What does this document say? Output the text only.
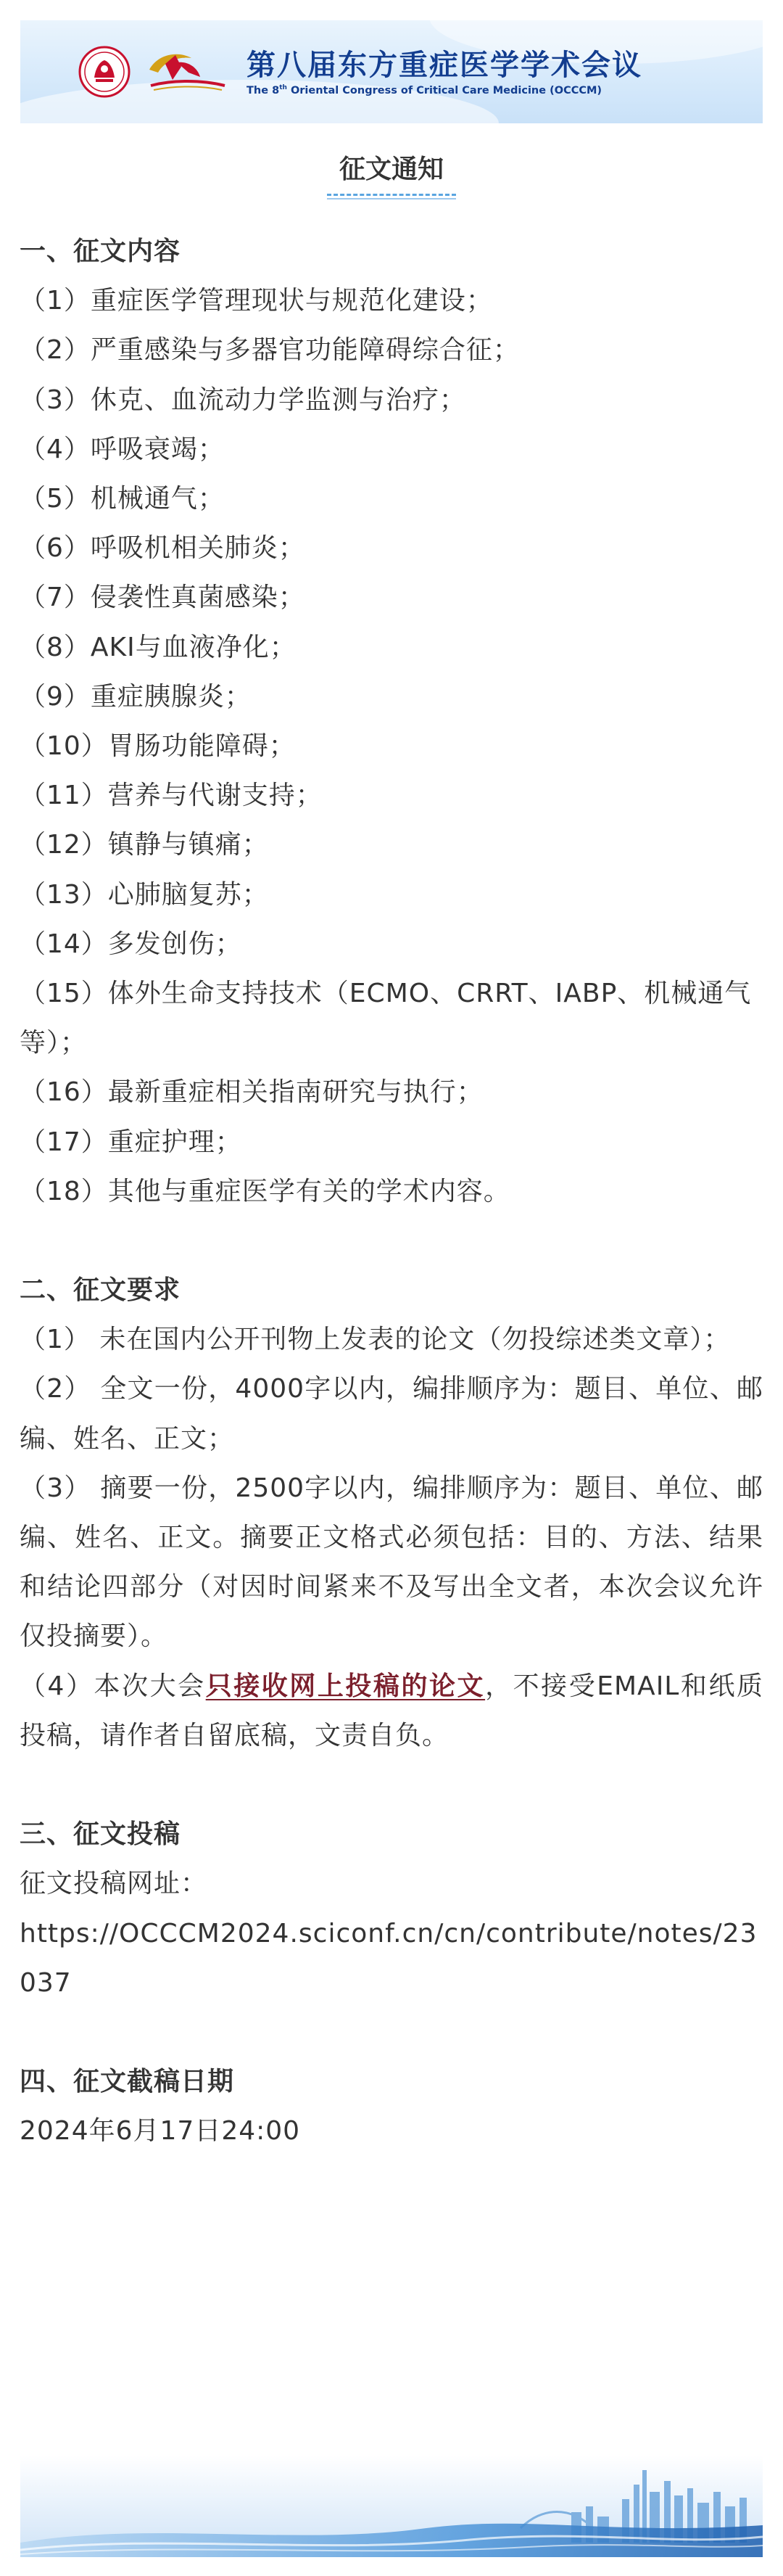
第八届东方重症医学学术会议
The 8th Oriental Congress of Critical Care Medicine (OCCCM)
征文通知

一、征文内容

（1）重症医学管理现状与规范化建设；

（2）严重感染与多器官功能障碍综合征；

（3）休克、血流动力学监测与治疗；

（4）呼吸衰竭；

（5）机械通气；

（6）呼吸机相关肺炎；

（7）侵袭性真菌感染；

（8）AKI与血液净化；

（9）重症胰腺炎；

（10）胃肠功能障碍；

（11）营养与代谢支持；

（12）镇静与镇痛；

（13）心肺脑复苏；

（14）多发创伤；

（15）体外生命支持技术（ECMO、CRRT、IABP、机械通气等）；

（16）最新重症相关指南研究与执行；

（17）重症护理；

（18）其他与重症医学有关的学术内容。

二、征文要求

（1） 未在国内公开刊物上发表的论文（勿投综述类文章）；

（2） 全文一份，4000字以内，编排顺序为：题目、单位、邮编、姓名、正文；

（3） 摘要一份，2500字以内，编排顺序为：题目、单位、邮编、姓名、正文。摘要正文格式必须包括：目的、方法、结果和结论四部分（对因时间紧来不及写出全文者，本次会议允许仅投摘要）。

（4）本次大会只接收网上投稿的论文，不接受EMAIL和纸质投稿，请作者自留底稿，文责自负。

三、征文投稿

征文投稿网址：

https://OCCCM2024.sciconf.cn/cn/contribute/notes/23037

四、征文截稿日期

2024年6月17日24:00
